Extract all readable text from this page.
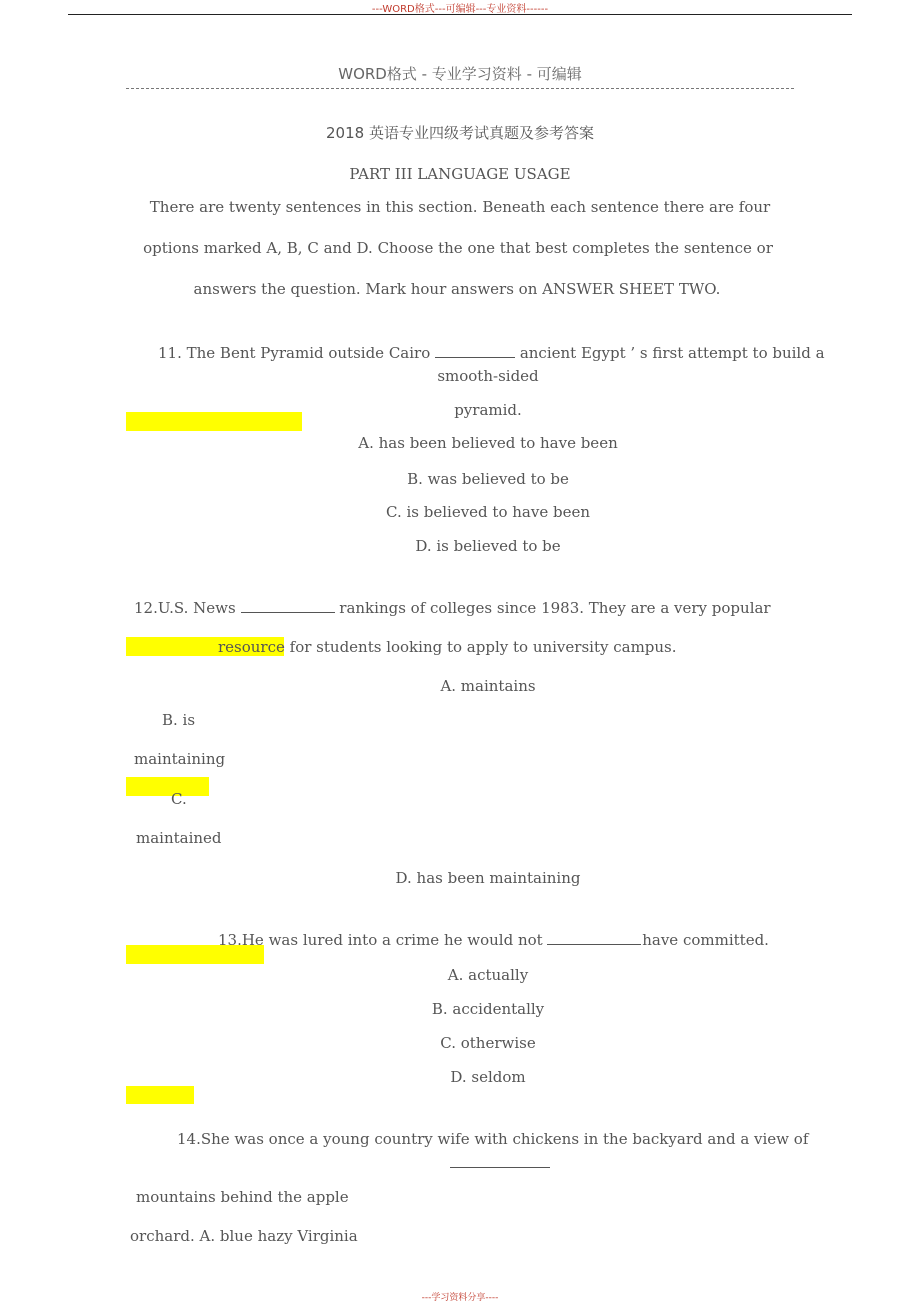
---WORD格式---可编辑---专业资料------
WORD格式 - 专业学习资料 - 可编辑
2018 英语专业四级考试真题及参考答案
PART III LANGUAGE USAGE
There are twenty sentences in this section. Beneath each sentence there are four
options marked A, B, C and D. Choose the one that best completes the sentence or
answers the question. Mark hour answers on ANSWER SHEET TWO.
11. The Bent Pyramid outside Cairo	ancient Egypt ’ s first attempt to build a
smooth-sided
pyramid.
A. has been believed to have been
B. was believed to be
C. is believed to have been
D. is believed to be
12.U.S. News	rankings of colleges since 1983. They are a very popular
resource for students looking to apply to university campus.
A. maintains
B. is
maintaining
C.
maintained
D. has been maintaining
13.He was lured into a crime he would not	have committed.
A. actually
B. accidentally
C. otherwise
D. seldom
14.She was once a young country wife with chickens in the backyard and a view of
mountains behind the apple
orchard. A. blue hazy Virginia
---学习资料分享----
